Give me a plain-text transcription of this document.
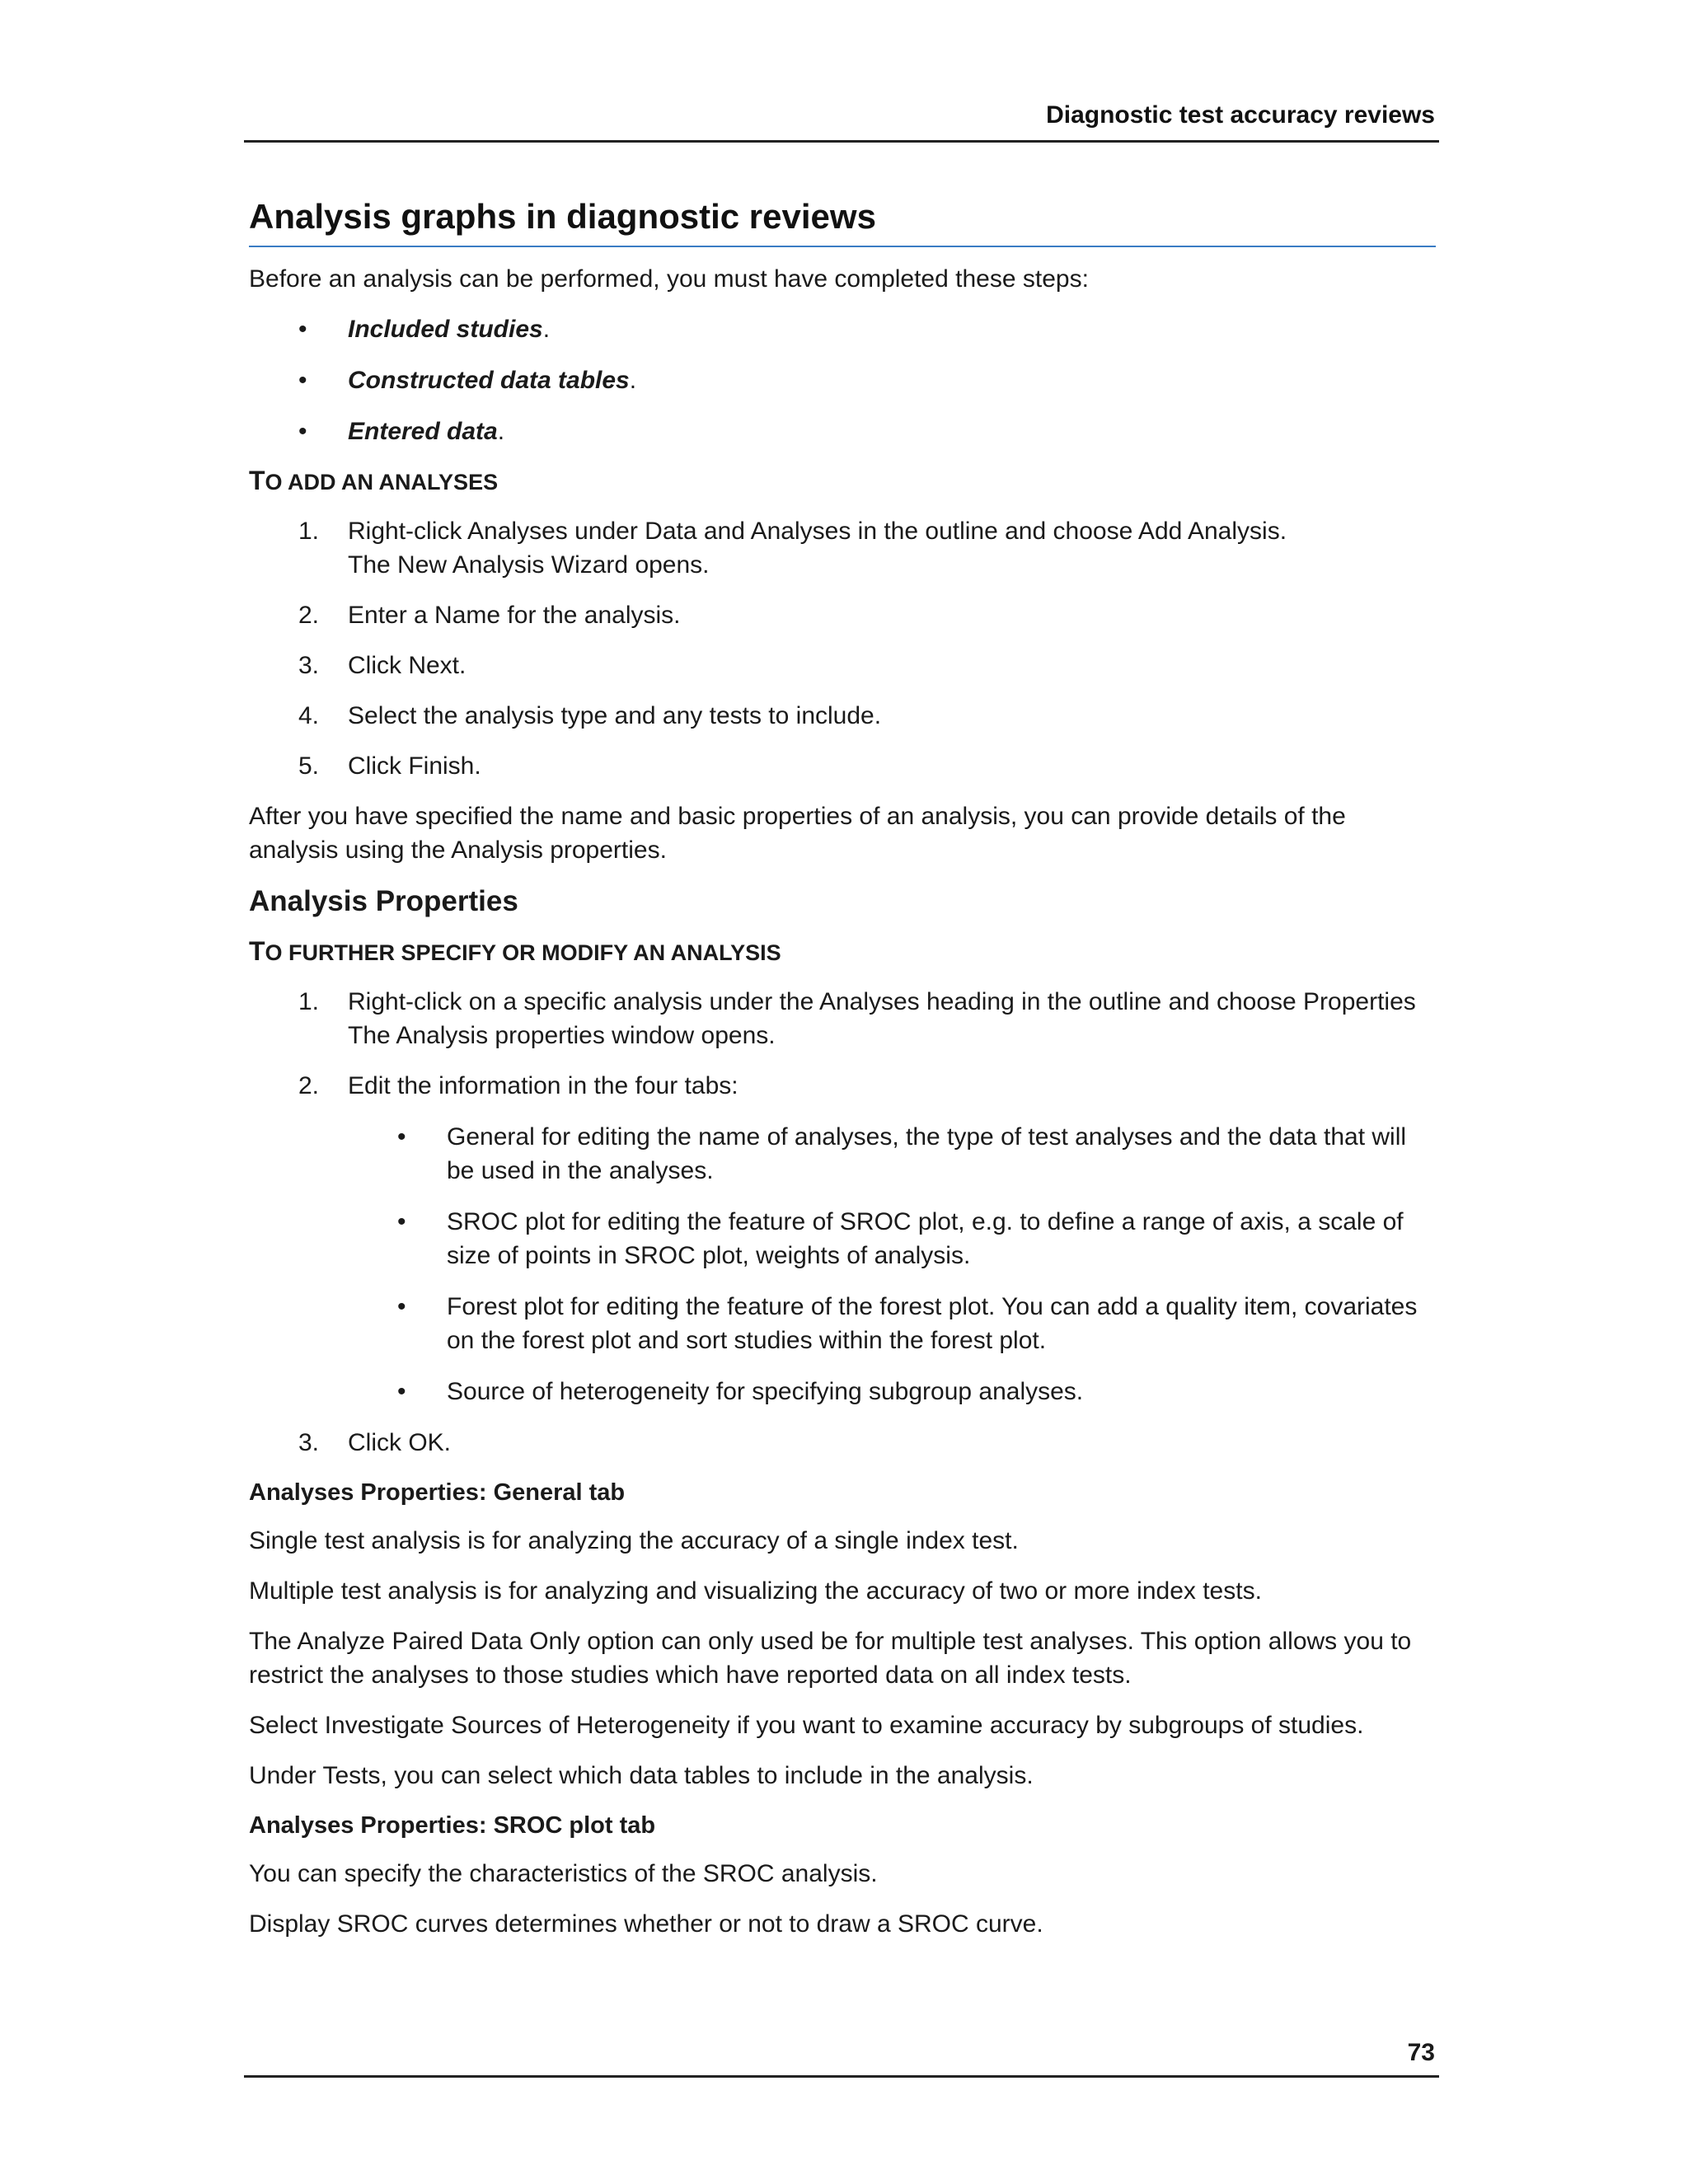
Diagnostic test accuracy reviews
Analysis graphs in diagnostic reviews

Before an analysis can be performed, you must have completed these steps:

• Included studies.
• Constructed data tables.
• Entered data.
TO ADD AN ANALYSES
1. Right-click Analyses under Data and Analyses in the outline and choose Add Analysis.
The New Analysis Wizard opens.
2. Enter a Name for the analysis.
3. Click Next.
4. Select the analysis type and any tests to include.
5. Click Finish.

After you have specified the name and basic properties of an analysis, you can provide details of the analysis using the Analysis properties.

Analysis Properties
TO FURTHER SPECIFY OR MODIFY AN ANALYSIS
1. Right-click on a specific analysis under the Analyses heading in the outline and choose Properties
The Analysis properties window opens.
2. Edit the information in the four tabs:
• General for editing the name of analyses, the type of test analyses and the data that will be used in the analyses.
• SROC plot for editing the feature of SROC plot, e.g. to define a range of axis, a scale of size of points in SROC plot, weights of analysis.
• Forest plot for editing the feature of the forest plot. You can add a quality item, covariates on the forest plot and sort studies within the forest plot.
• Source of heterogeneity for specifying subgroup analyses.
3. Click OK.
Analyses Properties: General tab

Single test analysis is for analyzing the accuracy of a single index test.

Multiple test analysis is for analyzing and visualizing the accuracy of two or more index tests.

The Analyze Paired Data Only option can only used be for multiple test analyses. This option allows you to restrict the analyses to those studies which have reported data on all index tests.

Select Investigate Sources of Heterogeneity if you want to examine accuracy by subgroups of studies.

Under Tests, you can select which data tables to include in the analysis.

Analyses Properties: SROC plot tab

You can specify the characteristics of the SROC analysis.

Display SROC curves determines whether or not to draw a SROC curve.

73
